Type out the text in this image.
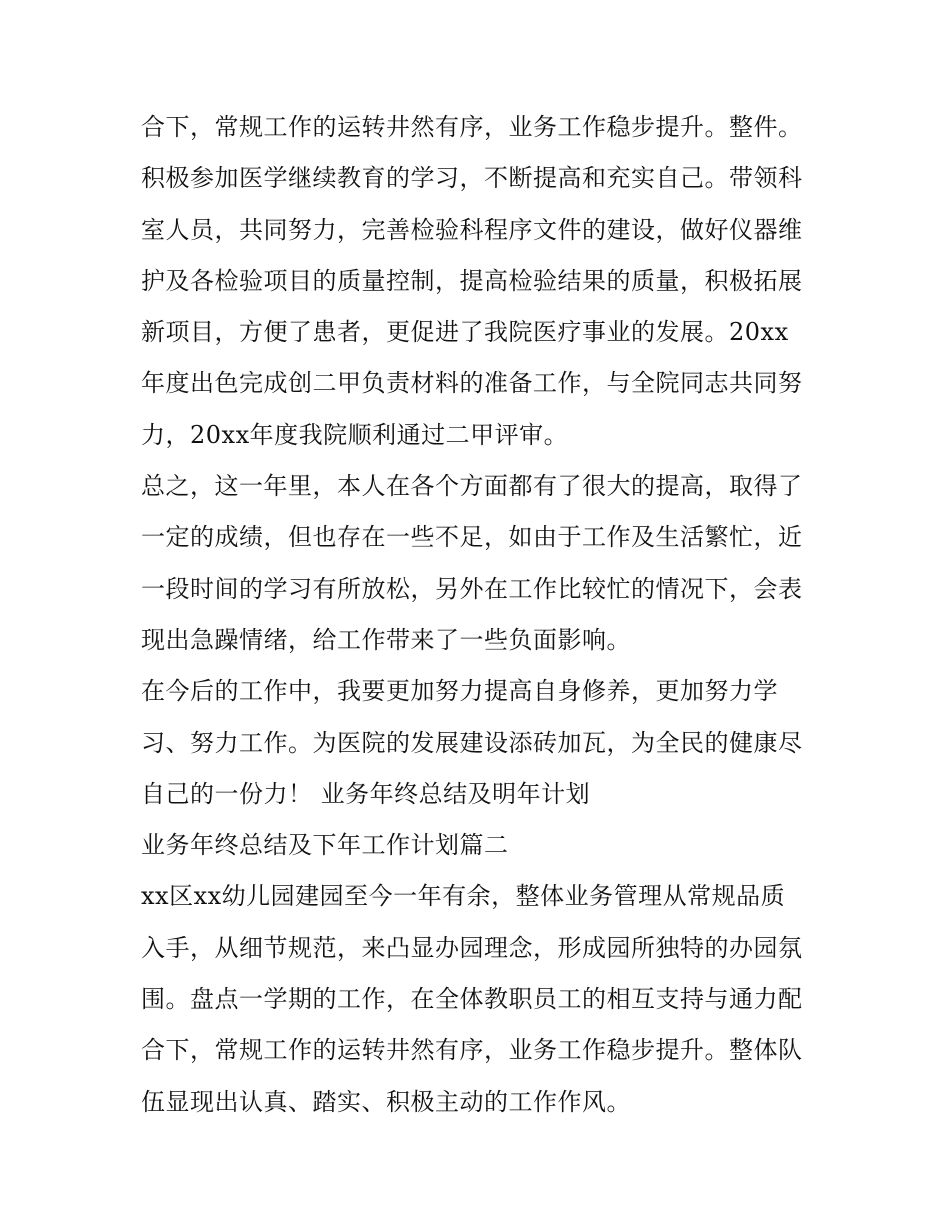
合下，常规工作的运转井然有序，业务工作稳步提升。整件。
积极参加医学继续教育的学习，不断提高和充实自己。带领科
室人员，共同努力，完善检验科程序文件的建设，做好仪器维
护及各检验项目的质量控制，提高检验结果的质量，积极拓展
新项目，方便了患者，更促进了我院医疗事业的发展。20xx
年度出色完成创二甲负责材料的准备工作，与全院同志共同努
力，20xx年度我院顺利通过二甲评审。
总之，这一年里，本人在各个方面都有了很大的提高，取得了
一定的成绩，但也存在一些不足，如由于工作及生活繁忙，近
一段时间的学习有所放松，另外在工作比较忙的情况下，会表
现出急躁情绪，给工作带来了一些负面影响。
在今后的工作中，我要更加努力提高自身修养，更加努力学
习、努力工作。为医院的发展建设添砖加瓦，为全民的健康尽
自己的一份力！ 业务年终总结及明年计划
业务年终总结及下年工作计划篇二
xx区xx幼儿园建园至今一年有余，整体业务管理从常规品质
入手，从细节规范，来凸显办园理念，形成园所独特的办园氛
围。盘点一学期的工作，在全体教职员工的相互支持与通力配
合下，常规工作的运转井然有序，业务工作稳步提升。整体队
伍显现出认真、踏实、积极主动的工作作风。
